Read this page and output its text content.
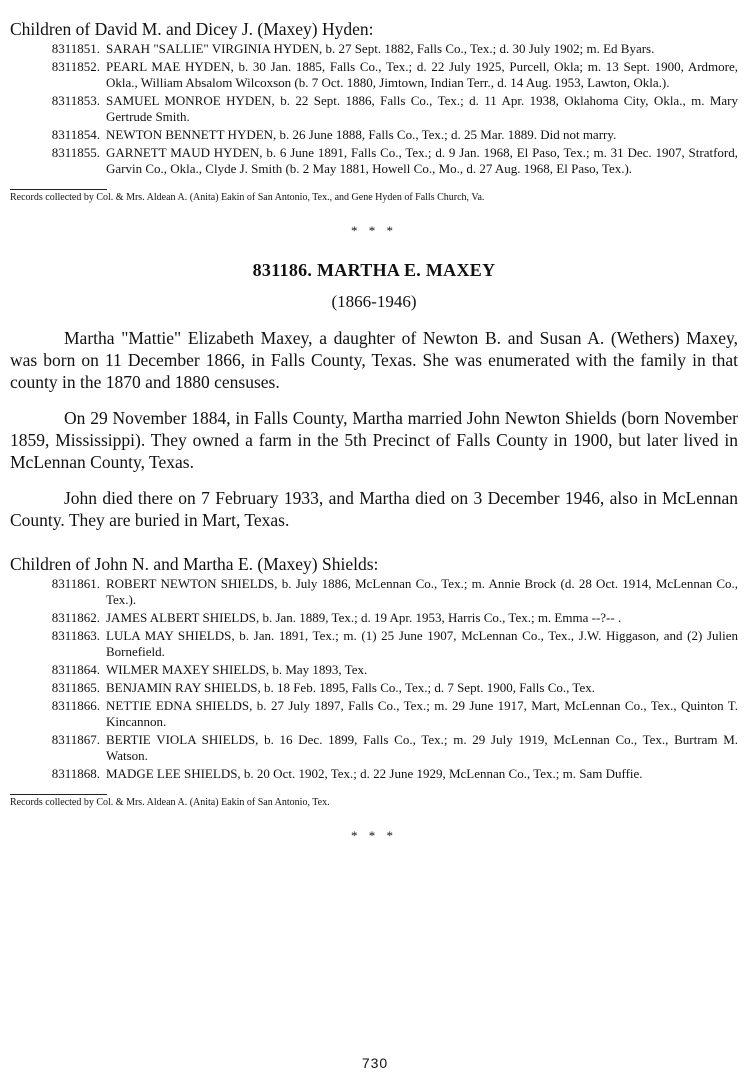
Children of David M. and Dicey J. (Maxey) Hyden:

8311851. SARAH "SALLIE" VIRGINIA HYDEN, b. 27 Sept. 1882, Falls Co., Tex.; d. 30 July 1902; m. Ed Byars.
8311852. PEARL MAE HYDEN, b. 30 Jan. 1885, Falls Co., Tex.; d. 22 July 1925, Purcell, Okla; m. 13 Sept. 1900, Ardmore, Okla., William Absalom Wilcoxson (b. 7 Oct. 1880, Jimtown, Indian Terr., d. 14 Aug. 1953, Lawton, Okla.).
8311853. SAMUEL MONROE HYDEN, b. 22 Sept. 1886, Falls Co., Tex.; d. 11 Apr. 1938, Oklahoma City, Okla., m. Mary Gertrude Smith.
8311854. NEWTON BENNETT HYDEN, b. 26 June 1888, Falls Co., Tex.; d. 25 Mar. 1889. Did not marry.
8311855. GARNETT MAUD HYDEN, b. 6 June 1891, Falls Co., Tex.; d. 9 Jan. 1968, El Paso, Tex.; m. 31 Dec. 1907, Stratford, Garvin Co., Okla., Clyde J. Smith (b. 2 May 1881, Howell Co., Mo., d. 27 Aug. 1968, El Paso, Tex.).

Records collected by Col. & Mrs. Aldean A. (Anita) Eakin of San Antonio, Tex., and Gene Hyden of Falls Church, Va.

* * *

831186. MARTHA E. MAXEY

(1866-1946)

Martha "Mattie" Elizabeth Maxey, a daughter of Newton B. and Susan A. (Wethers) Maxey, was born on 11 December 1866, in Falls County, Texas. She was enumerated with the family in that county in the 1870 and 1880 censuses.

On 29 November 1884, in Falls County, Martha married John Newton Shields (born November 1859, Mississippi). They owned a farm in the 5th Precinct of Falls County in 1900, but later lived in McLennan County, Texas.

John died there on 7 February 1933, and Martha died on 3 December 1946, also in McLennan County. They are buried in Mart, Texas.

Children of John N. and Martha E. (Maxey) Shields:

8311861. ROBERT NEWTON SHIELDS, b. July 1886, McLennan Co., Tex.; m. Annie Brock (d. 28 Oct. 1914, McLennan Co., Tex.).
8311862. JAMES ALBERT SHIELDS, b. Jan. 1889, Tex.; d. 19 Apr. 1953, Harris Co., Tex.; m. Emma --?-- .
8311863. LULA MAY SHIELDS, b. Jan. 1891, Tex.; m. (1) 25 June 1907, McLennan Co., Tex., J.W. Higgason, and (2) Julien Bornefield.
8311864. WILMER MAXEY SHIELDS, b. May 1893, Tex.
8311865. BENJAMIN RAY SHIELDS, b. 18 Feb. 1895, Falls Co., Tex.; d. 7 Sept. 1900, Falls Co., Tex.
8311866. NETTIE EDNA SHIELDS, b. 27 July 1897, Falls Co., Tex.; m. 29 June 1917, Mart, McLennan Co., Tex., Quinton T. Kincannon.
8311867. BERTIE VIOLA SHIELDS, b. 16 Dec. 1899, Falls Co., Tex.; m. 29 July 1919, McLennan Co., Tex., Burtram M. Watson.
8311868. MADGE LEE SHIELDS, b. 20 Oct. 1902, Tex.; d. 22 June 1929, McLennan Co., Tex.; m. Sam Duffie.

Records collected by Col. & Mrs. Aldean A. (Anita) Eakin of San Antonio, Tex.

* * *

730
